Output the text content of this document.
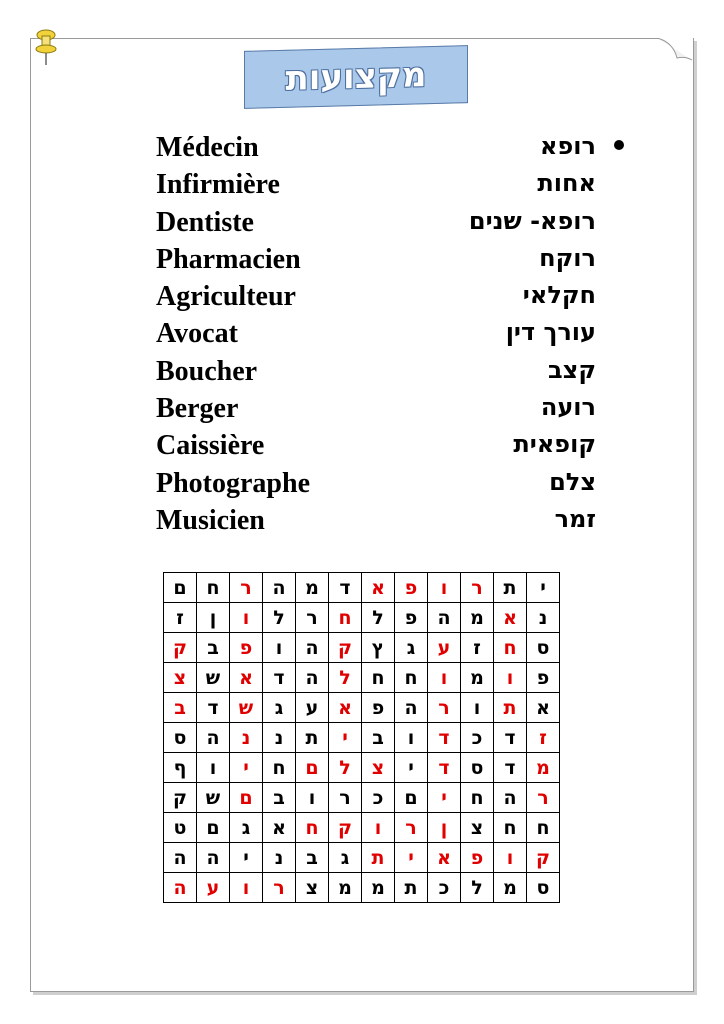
מקצועות
Médecin	רופא
Infirmière	אחות
Dentiste	רופא- שנים
Pharmacien	רוקח
Agriculteur	חקלאי
Avocat	עורך דין
Boucher	קצב
Berger	רועה
Caissière	קופאית
Photographe	צלם
Musicien	זמר
י	ת	ר	ו	פ	א	ד	מ	ה	ר	ח	ם
נ	א	מ	ה	פ	ל	ח	ר	ל	ו	ן	ז
ס	ח	ז	ע	ג	ץ	ק	ה	ו	פ	ב	ק
פ	ו	מ	ו	ח	ח	ל	ה	ד	א	ש	צ
א	ת	ו	ר	ה	פ	א	ע	ג	ש	ד	ב
ז	ד	כ	ד	ו	ב	י	ת	נ	נ	ה	ס
מ	ד	ס	ד	י	צ	ל	ם	ח	י	ו	ף
ר	ה	ח	י	ם	כ	ר	ו	ב	ם	ש	ק
ח	ח	צ	ן	ר	ו	ק	ח	א	ג	ם	ט
ק	ו	פ	א	י	ת	ג	ב	נ	י	ה	ה
ס	מ	ל	כ	ת	מ	מ	צ	ר	ו	ע	ה
